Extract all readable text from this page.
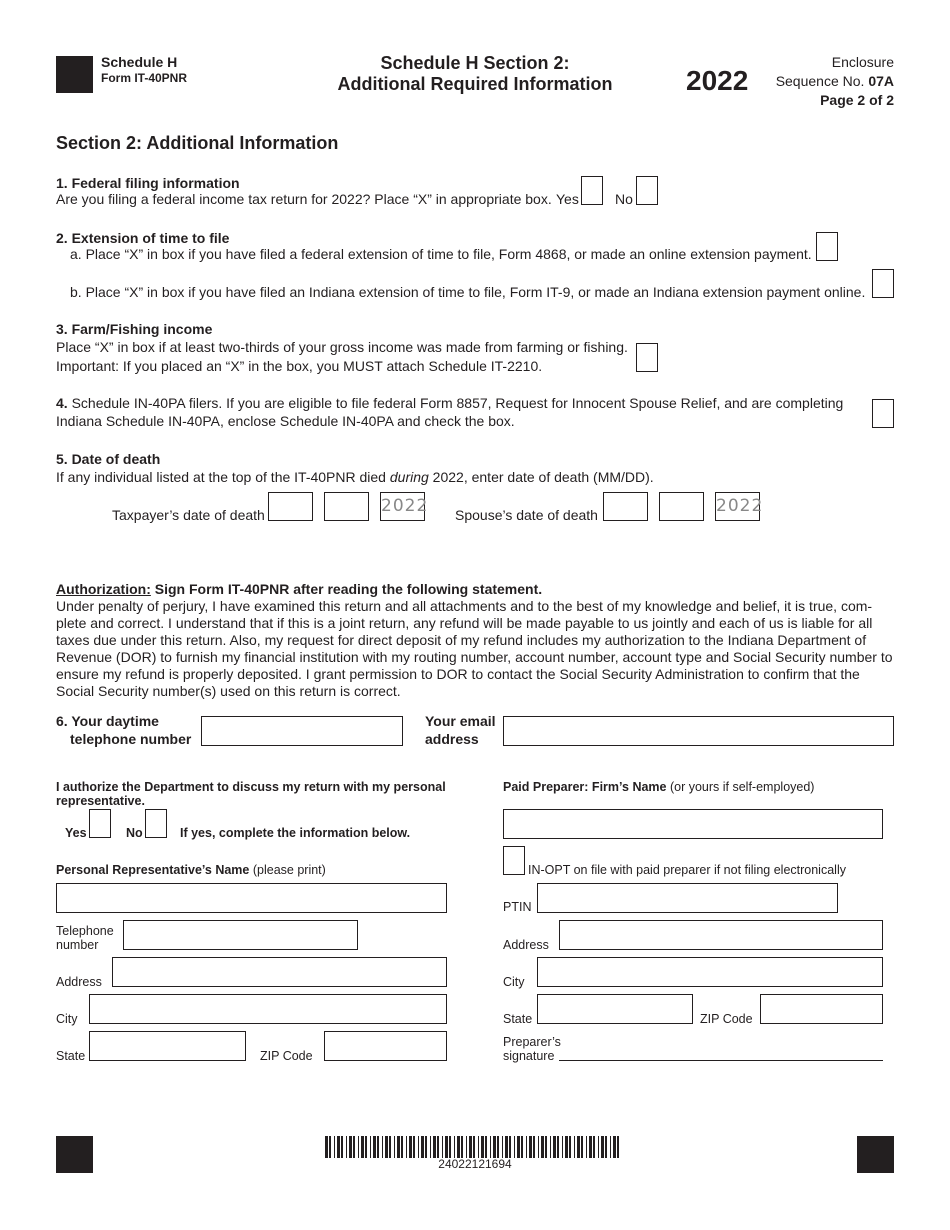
Schedule H
Form IT-40PNR
Schedule H Section 2:
Additional Required Information	2022
Enclosure
Sequence No. 07A
Page 2 of 2
Section 2: Additional Information
1. Federal filing information
Are you filing a federal income tax return for 2022? Place “X” in appropriate box. Yes	No
2. Extension of time to file
a. Place “X” in box if you have filed a federal extension of time to file, Form 4868, or made an online extension payment.
b. Place “X” in box if you have filed an Indiana extension of time to file, Form IT-9, or made an Indiana extension payment online.
3. Farm/Fishing income
Place “X” in box if at least two-thirds of your gross income was made from farming or fishing.
Important: If you placed an “X” in the box, you MUST attach Schedule IT-2210.
4. Schedule IN-40PA filers. If you are eligible to file federal Form 8857, Request for Innocent Spouse Relief, and are completing
Indiana Schedule IN-40PA, enclose Schedule IN-40PA and check the box.
5. Date of death
If any individual listed at the top of the IT-40PNR died during 2022, enter date of death (MM/DD).
Taxpayer’s date of death	2022 Spouse’s date of death	2022
Authorization: Sign Form IT-40PNR after reading the following statement.
Under penalty of perjury, I have examined this return and all attachments and to the best of my knowledge and belief, it is true, com-
plete and correct. I understand that if this is a joint return, any refund will be made payable to us jointly and each of us is liable for all
taxes due under this return. Also, my request for direct deposit of my refund includes my authorization to the Indiana Department of
Revenue (DOR) to furnish my financial institution with my routing number, account number, account type and Social Security number to
ensure my refund is properly deposited. I grant permission to DOR to contact the Social Security Administration to confirm that the
Social Security number(s) used on this return is correct.
6. Your daytime
telephone number
Your email
address
I authorize the Department to discuss my return with my personal
representative.
Yes	No	If yes, complete the information below.
Personal Representative’s Name (please print)
Telephone
number
Address
City
State	ZIP Code
Paid Preparer: Firm’s Name (or yours if self-employed)
IN-OPT on file with paid preparer if not filing electronically
PTIN
Address
City
State	ZIP Code
Preparer’s
signature
24022121694
